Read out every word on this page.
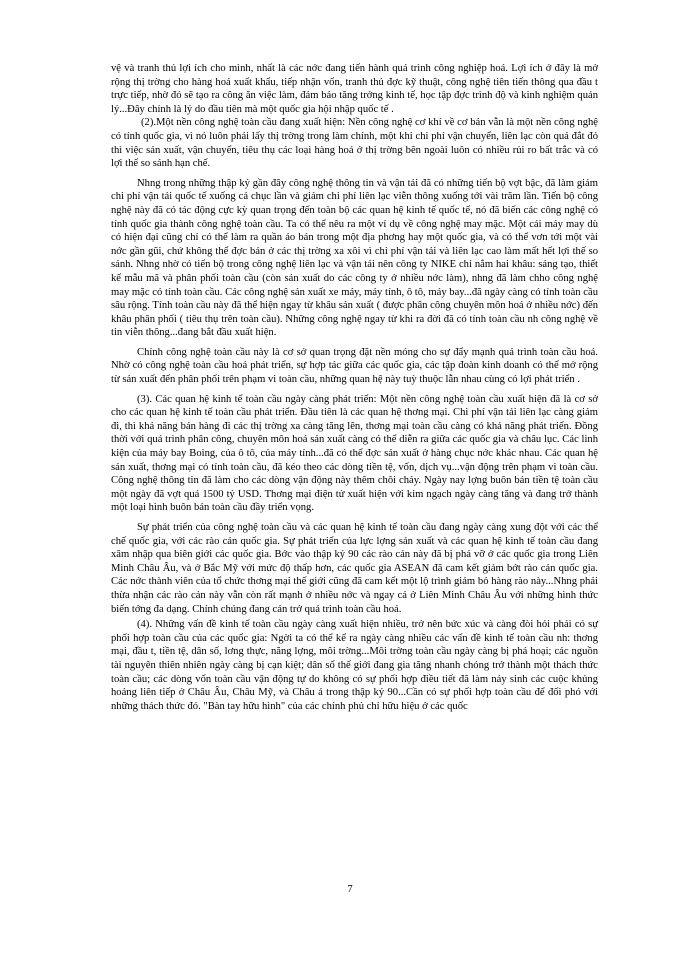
vệ và tranh thủ lợi ích cho mình, nhất là các nớc đang tiến hành quá trình công nghiệp hoá. Lợi ích ở đây là mở rộng thị trờng cho hàng hoá xuất khẩu, tiếp nhận vốn, tranh thủ đợc kỹ thuật, công nghệ tiên tiến thông qua đầu t trực tiếp, nhờ đó sẽ tạo ra công ăn việc làm, đảm bảo tăng trởng kinh tế, học tập đợc trình độ và kinh nghiệm quản lý...Đây chính là lý do đầu tiên mà một quốc gia hội nhập quốc tế .

(2).Một nền công nghệ toàn cầu đang xuất hiện: Nền công nghệ cơ khí về cơ bản vẫn là một nền công nghệ có tính quốc gia, vì nó luôn phải lấy thị trờng trong làm chính, một khi chi phí vận chuyển, liên lạc còn quá đắt đỏ thì việc sản xuất, vận chuyển, tiêu thụ các loại hàng hoá ở thị trờng bên ngoài luôn có nhiều rủi ro bất trắc và có lợi thế so sánh hạn chế.

Nhng trong những thập kỷ gần đây công nghệ thông tin và vận tải đã có những tiến bộ vợt bậc, đã làm giảm chi phí vận tải quốc tế xuống cả chục lần và giảm chi phí liên lạc viễn thông xuống tới vài trăm lần. Tiến bộ công nghệ này đã có tác động cực kỳ quan trọng đến toàn bộ các quan hệ kinh tế quốc tế, nó đã biến các công nghệ có tính quốc gia thành công nghệ toàn cầu. Ta có thể nêu ra một ví dụ về công nghệ may mặc. Một cái máy may dù có hiện đại cũng chỉ có thể làm ra quần áo bán trong một địa phơng hay một quốc gia, và có thể vơn tới một vài nớc gần gũi, chứ không thể đợc bán ở các thị trờng xa xôi vì chi phí vận tải và liên lạc cao làm mất hết lợi thế so sánh. Nhng nhờ có tiến bộ trong công nghệ liên lạc và vận tải nên công ty NIKE chỉ nắm hai khâu: sáng tạo, thiết kế mẫu mã và phân phối toàn cầu (còn sản xuất do các công ty ở nhiều nớc làm), nhng đã làm chho công nghệ may mặc có tính toàn cầu. Các công nghệ sản xuất xe máy, máy tính, ô tô, máy bay...đã ngày càng có tính toàn cầu sâu rộng. Tính toàn cầu này đã thể hiện ngay từ khâu sản xuất ( được phân công chuyên môn hoá ở nhiều nớc) đến khâu phân phối ( tiêu thụ trên toàn cầu). Những công nghệ ngay từ khi ra đời đã có tính toàn cầu nh công nghệ về tin viễn thông...đang bắt đầu xuất hiện.

Chính công nghệ toàn cầu này là cơ sở quan trọng đặt nền móng cho sự đẩy mạnh quá trình toàn cầu hoá. Nhờ có công nghệ toàn cầu hoá phát triển, sự hợp tác giữa các quốc gia, các tập đoàn kinh doanh có thể mở rộng từ sản xuất đến phân phối trên phạm vi toàn cầu, những quan hệ này tuỳ thuộc lẫn nhau cùng có lợi phát triển .

(3). Các quan hệ kinh tế toàn cầu ngày càng phát triển: Một nền công nghệ toàn cầu xuất hiện đã là cơ sở cho các quan hệ kinh tế toàn cầu phát triển. Đầu tiên là các quan hệ thơng mại. Chi phí vận tải liên lạc càng giảm đi, thì khả năng bán hàng đi các thị trờng xa càng tăng lên, thơng mại toàn cầu càng có khả năng phát triển. Đồng thời với quá trình phân công, chuyên môn hoá sản xuất càng có thể diễn ra giữa các quốc gia và châu lục. Các linh kiện của máy bay Boing, của ô tô, của máy tính...đã có thể đợc sản xuất ở hàng chục nớc khác nhau. Các quan hệ sản xuất, thơng mại có tính toàn cầu, đã kéo theo các dòng tiền tệ, vốn, dịch vụ...vận động trên phạm vi toàn cầu. Công nghệ thông tin đã làm cho các dòng vận động này thêm chôi chảy. Ngày nay lợng buôn bán tiền tệ toàn cầu một ngày đã vợt quá 1500 tỷ USD. Thơng mại điện tử xuất hiện với kim ngạch ngày càng tăng và đang trở thành một loại hình buôn bán toàn cầu đầy triển vọng.

Sự phát triển của công nghệ toàn cầu và các quan hệ kinh tế toàn cầu đang ngày càng xung đột với các thể chế quốc gia, với các rào cản quốc gia. Sự phát triển của lực lợng sản xuất và các quan hệ kinh tế toàn cầu đang xâm nhập qua biên giới các quốc gia. Bớc vào thập kỷ 90 các rào cản này đã bị phá vỡ ở các quốc gia trong Liên Minh Châu Âu, và ở Bắc Mỹ với mức độ thấp hơn, các quốc gia ASEAN đã cam kết giảm bớt rào cản quốc gia. Các nớc thành viên của tổ chức thơng mại thế giới cũng đã cam kết một lộ trình giảm bỏ hàng rào này...Nhng phải thừa nhận các rào cản này vẫn còn rất mạnh ở nhiều nớc và ngay cả ở Liên Minh Châu Âu với những hình thức biến tớng đa dạng. Chính chúng đang cản trở quá trình toàn cầu hoá.

(4). Những vấn đề kinh tế toàn cầu ngày càng xuất hiện nhiều, trở nên bức xúc và càng đòi hỏi phải có sự phối hợp toàn cầu của các quốc gia: Ngời ta có thể kể ra ngày càng nhiều các vấn đề kinh tế toàn cầu nh: thơng mại, đầu t, tiền tệ, dân số, lơng thực, năng lợng, môi trờng...Môi trờng toàn cầu ngày càng bị phá hoại; các nguồn tài nguyên thiên nhiên ngày càng bị cạn kiệt; dân số thế giới đang gia tăng nhanh chóng trở thành một thách thức toàn cầu; các dòng vốn toàn cầu vận động tự do không có sự phối hợp điều tiết đã làm nảy sinh các cuộc khủng hoảng liên tiếp ở Châu Âu, Châu Mỹ, và Châu á trong thập kỷ 90...Cần có sự phối hợp toàn cầu để đối phó với những thách thức đó. "Bàn tay hữu hình" của các chính phủ chỉ hữu hiệu ở các quốc

7
